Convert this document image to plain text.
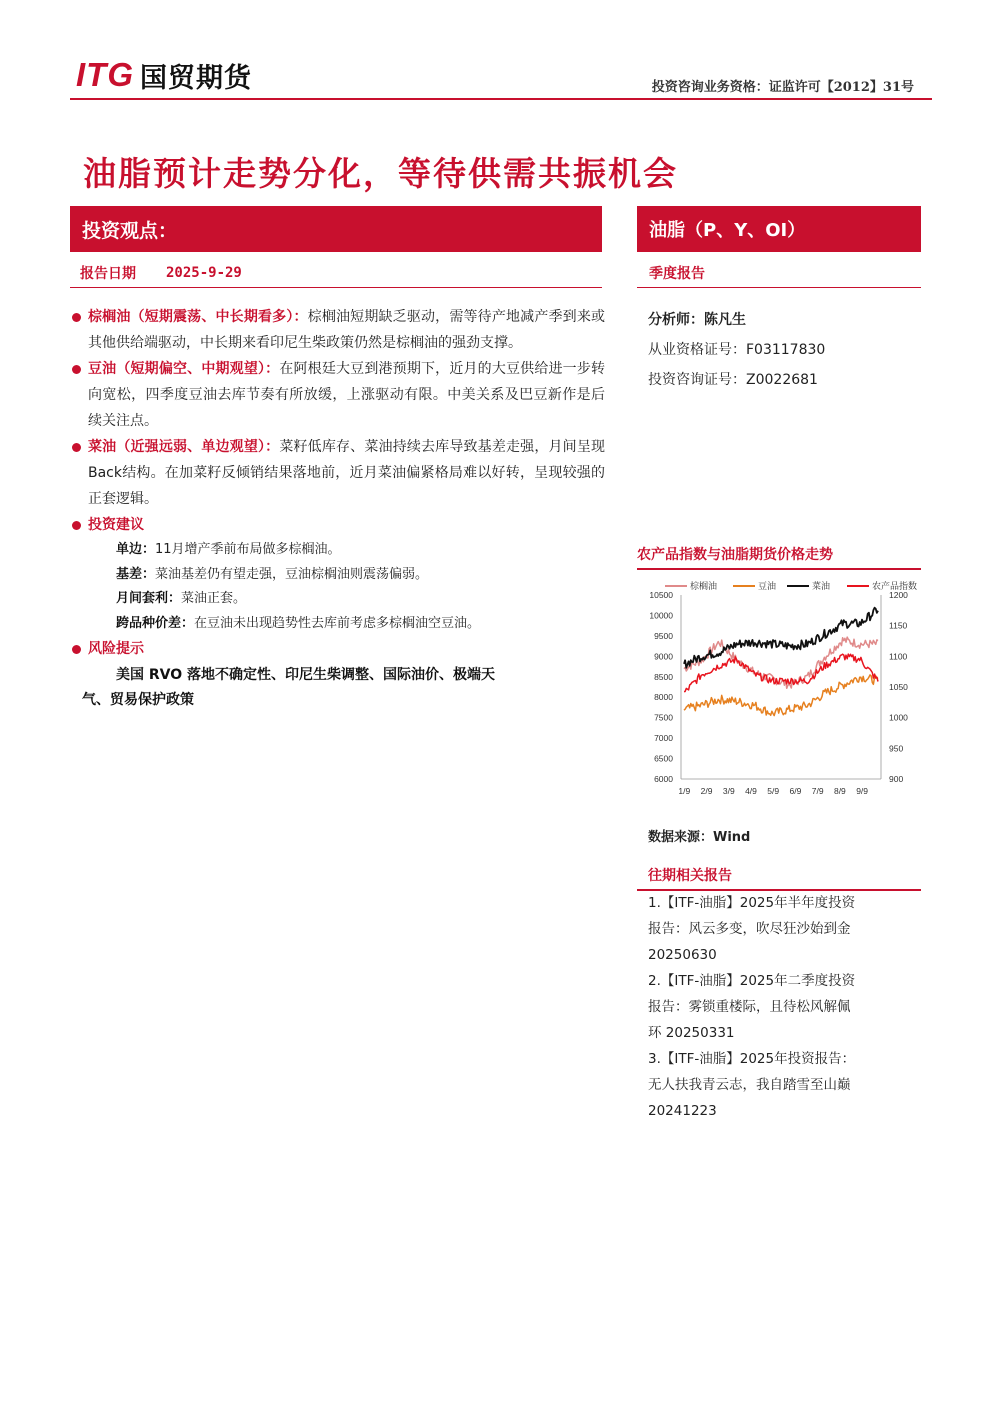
ITG 国贸期货	投资咨询业务资格：证监许可【2012】31号
油脂预计走势分化，等待供需共振机会
投资观点：	油脂（P、Y、OI）
报告日期 2025-9-29	季度报告
棕榈油（短期震荡、中长期看多）：棕榈油短期缺乏驱动，需等待产地减产季到来或其他供给端驱动，中长期来看印尼生柴政策仍然是棕榈油的强劲支撑。
豆油（短期偏空、中期观望）：在阿根廷大豆到港预期下，近月的大豆供给进一步转向宽松，四季度豆油去库节奏有所放缓，上涨驱动有限。中美关系及巴豆新作是后续关注点。
菜油（近强远弱、单边观望）：菜籽低库存、菜油持续去库导致基差走强，月间呈现Back结构。在加菜籽反倾销结果落地前，近月菜油偏紧格局难以好转，呈现较强的正套逻辑。
投资建议
单边：11月增产季前布局做多棕榈油。
基差：菜油基差仍有望走强，豆油棕榈油则震荡偏弱。
月间套利：菜油正套。
跨品种价差：在豆油未出现趋势性去库前考虑多棕榈油空豆油。
风险提示
美国 RVO 落地不确定性、印尼生柴调整、国际油价、极端天
气、贸易保护政策
分析师：陈凡生
从业资格证号：F03117830
投资咨询证号：Z0022681
农产品指数与油脂期货价格走势
10500
10000
9500
9000
8500
8000
7500
7000
6500
6000
1200
1150
1100
1050
1000
950
900
1/9 2/9 3/9 4/9 5/9 6/9 7/9 8/9 9/9
棕榈油	豆油	菜油	农产品指数
数据来源：Wind
往期相关报告
1.【ITF-油脂】2025年半年度投资
报告：风云多变，吹尽狂沙始到金
20250630
2.【ITF-油脂】2025年二季度投资
报告：雾锁重楼际，且待松风解佩
环 20250331
3.【ITF-油脂】2025年投资报告：
无人扶我青云志，我自踏雪至山巅
20241223
